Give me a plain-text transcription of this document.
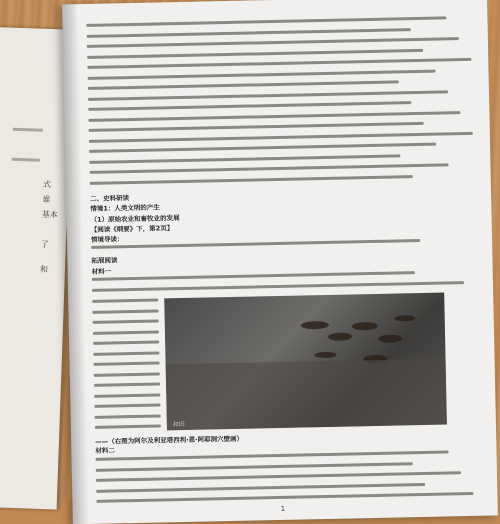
式
谁
基本
了
和
二、史料研读
情境1：人类文明的产生
（1）原始农业和畜牧业的发展
【阅读《纲要》下，第2页】
情境导读：
拓展阅读
材料一
和田
——（右图为阿尔及利亚塔西利·恩·阿耶洞穴壁画）
材料二
1
